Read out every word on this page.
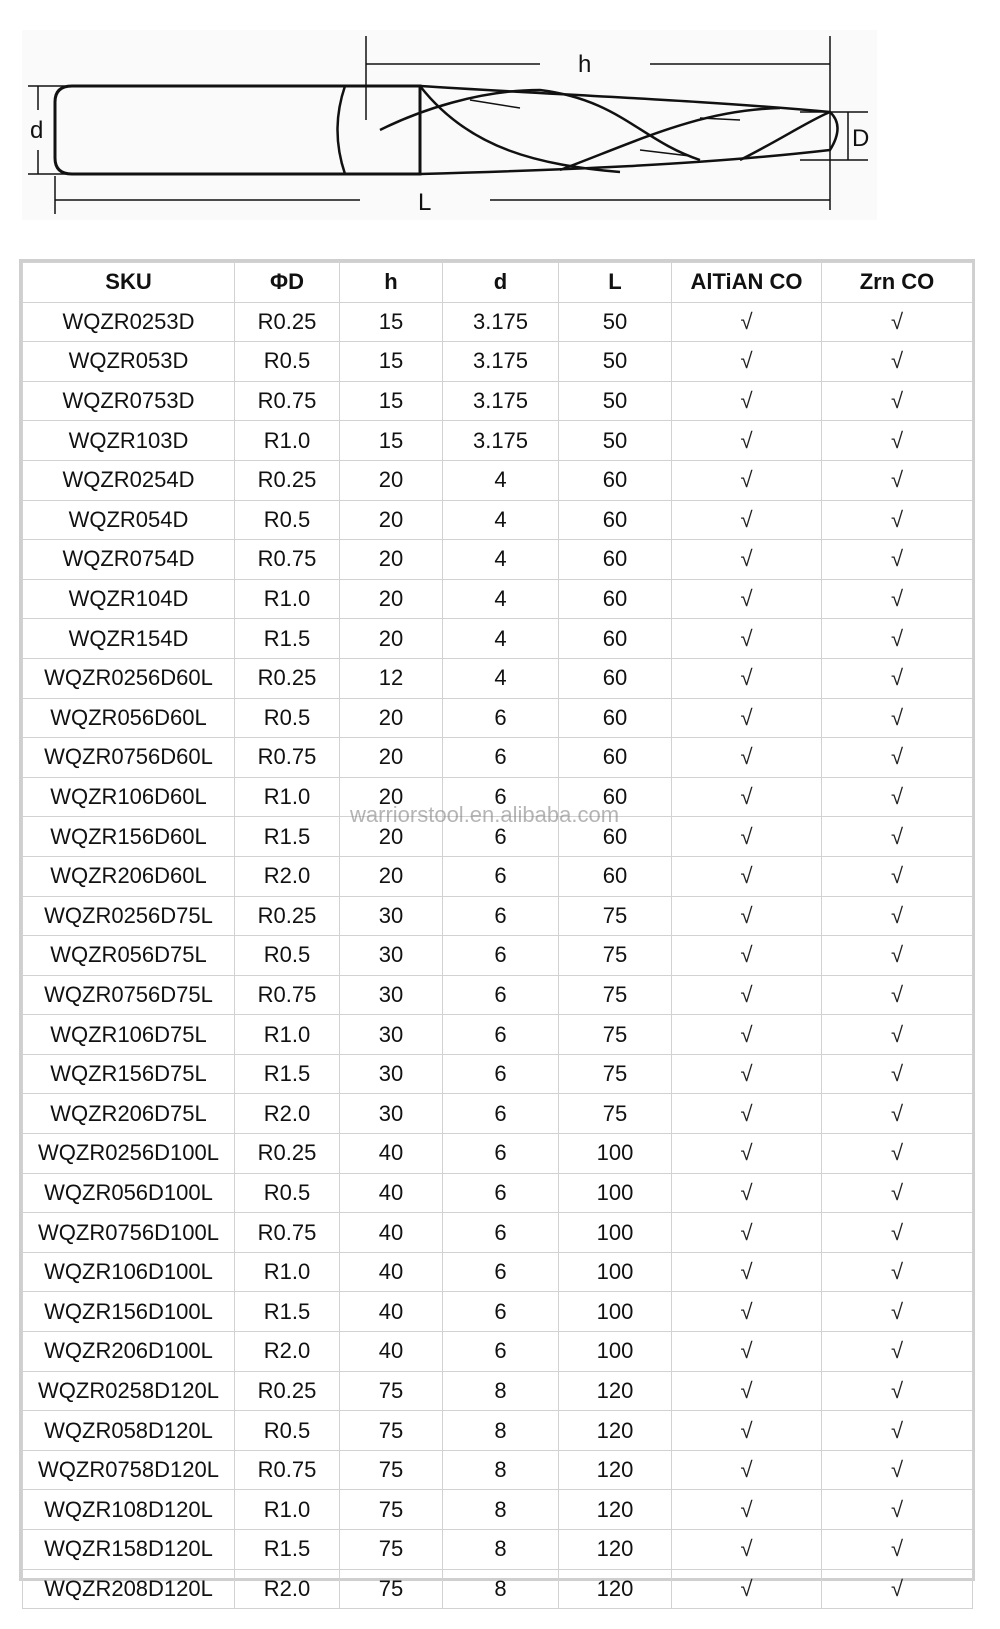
h
d	D
L
SKU	ΦD	h	d	L	AlTiAN CO	Zrn CO
WQZR0253D	R0.25	15	3.175	50	√	√
WQZR053D	R0.5	15	3.175	50	√	√
WQZR0753D	R0.75	15	3.175	50	√	√
WQZR103D	R1.0	15	3.175	50	√	√
WQZR0254D	R0.25	20	4	60	√	√
WQZR054D	R0.5	20	4	60	√	√
WQZR0754D	R0.75	20	4	60	√	√
WQZR104D	R1.0	20	4	60	√	√
WQZR154D	R1.5	20	4	60	√	√
WQZR0256D60L	R0.25	12	4	60	√	√
WQZR056D60L	R0.5	20	6	60	√	√
WQZR0756D60L	R0.75	20	6	60	√	√
WQZR106D60L	R1.0	20	6	60	√	√
WQZR156D60L	R1.5	20	6	60	√	√
WQZR206D60L	R2.0	20	6	60	√	√
WQZR0256D75L	R0.25	30	6	75	√	√
WQZR056D75L	R0.5	30	6	75	√	√
WQZR0756D75L	R0.75	30	6	75	√	√
WQZR106D75L	R1.0	30	6	75	√	√
WQZR156D75L	R1.5	30	6	75	√	√
WQZR206D75L	R2.0	30	6	75	√	√
WQZR0256D100L	R0.25	40	6	100	√	√
WQZR056D100L	R0.5	40	6	100	√	√
WQZR0756D100L	R0.75	40	6	100	√	√
WQZR106D100L	R1.0	40	6	100	√	√
WQZR156D100L	R1.5	40	6	100	√	√
WQZR206D100L	R2.0	40	6	100	√	√
WQZR0258D120L	R0.25	75	8	120	√	√
WQZR058D120L	R0.5	75	8	120	√	√
WQZR0758D120L	R0.75	75	8	120	√	√
WQZR108D120L	R1.0	75	8	120	√	√
WQZR158D120L	R1.5	75	8	120	√	√
WQZR208D120L	R2.0	75	8	120	√	√
warriorstool.en.alibaba.com
